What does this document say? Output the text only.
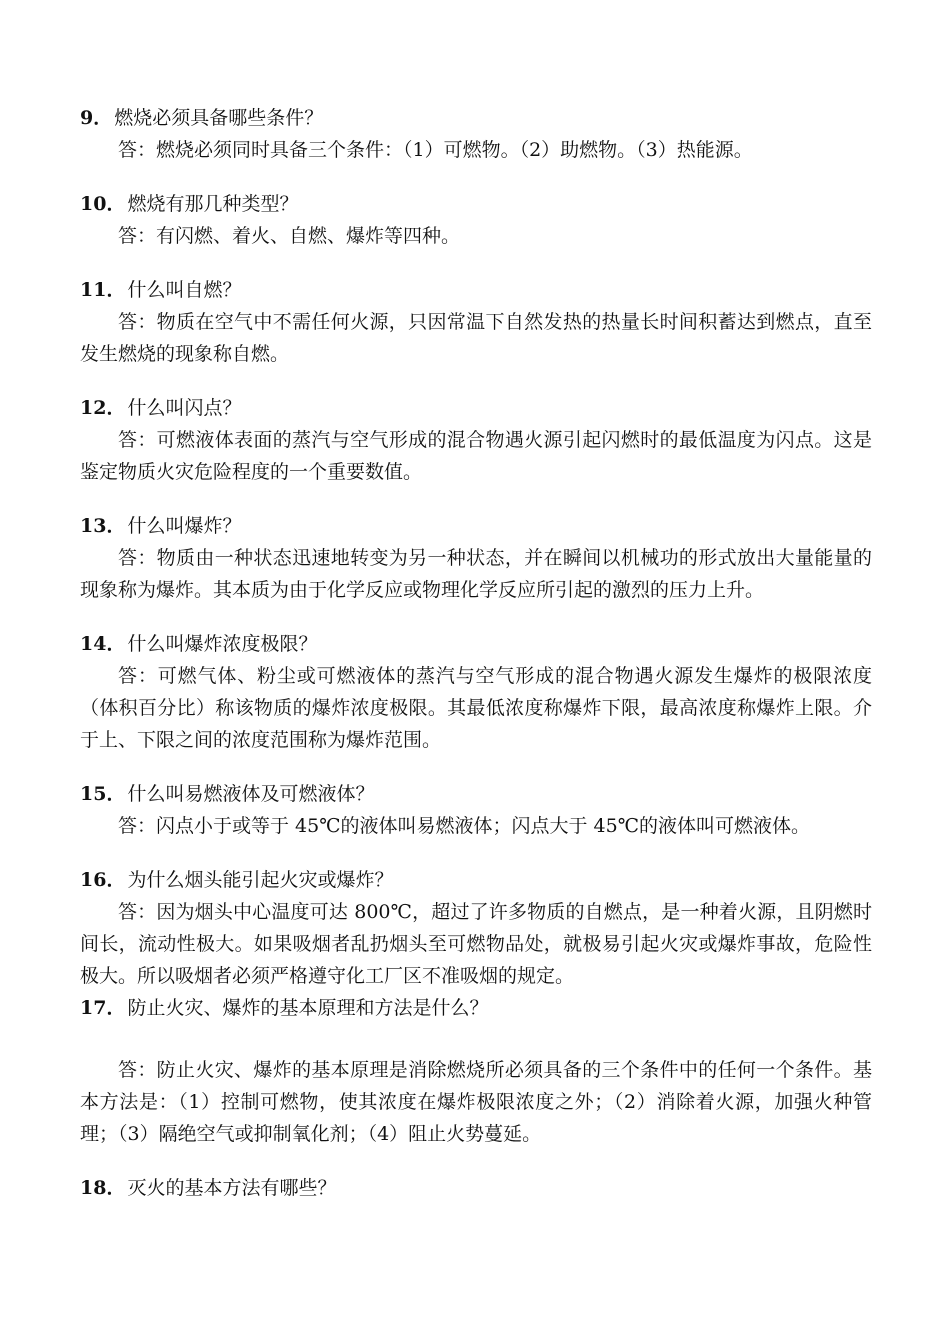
9． 燃烧必须具备哪些条件？

答：燃烧必须同时具备三个条件：（1）可燃物。（2）助燃物。（3）热能源。

10． 燃烧有那几种类型？

答：有闪燃、着火、自燃、爆炸等四种。

11． 什么叫自燃？

答：物质在空气中不需任何火源，只因常温下自然发热的热量长时间积蓄达到燃点，直至发生燃烧的现象称自燃。

12． 什么叫闪点？

答：可燃液体表面的蒸汽与空气形成的混合物遇火源引起闪燃时的最低温度为闪点。这是鉴定物质火灾危险程度的一个重要数值。

13． 什么叫爆炸？

答：物质由一种状态迅速地转变为另一种状态，并在瞬间以机械功的形式放出大量能量的现象称为爆炸。其本质为由于化学反应或物理化学反应所引起的激烈的压力上升。

14． 什么叫爆炸浓度极限？

答：可燃气体、粉尘或可燃液体的蒸汽与空气形成的混合物遇火源发生爆炸的极限浓度（体积百分比）称该物质的爆炸浓度极限。其最低浓度称爆炸下限，最高浓度称爆炸上限。介于上、下限之间的浓度范围称为爆炸范围。

15． 什么叫易燃液体及可燃液体？

答：闪点小于或等于 45℃的液体叫易燃液体；闪点大于 45℃的液体叫可燃液体。

16． 为什么烟头能引起火灾或爆炸？

答：因为烟头中心温度可达 800℃，超过了许多物质的自燃点，是一种着火源，且阴燃时间长，流动性极大。如果吸烟者乱扔烟头至可燃物品处，就极易引起火灾或爆炸事故，危险性极大。所以吸烟者必须严格遵守化工厂区不准吸烟的规定。

17． 防止火灾、爆炸的基本原理和方法是什么？

答：防止火灾、爆炸的基本原理是消除燃烧所必须具备的三个条件中的任何一个条件。基本方法是：（1）控制可燃物，使其浓度在爆炸极限浓度之外；（2）消除着火源，加强火种管理；（3）隔绝空气或抑制氧化剂；（4）阻止火势蔓延。

18． 灭火的基本方法有哪些？
